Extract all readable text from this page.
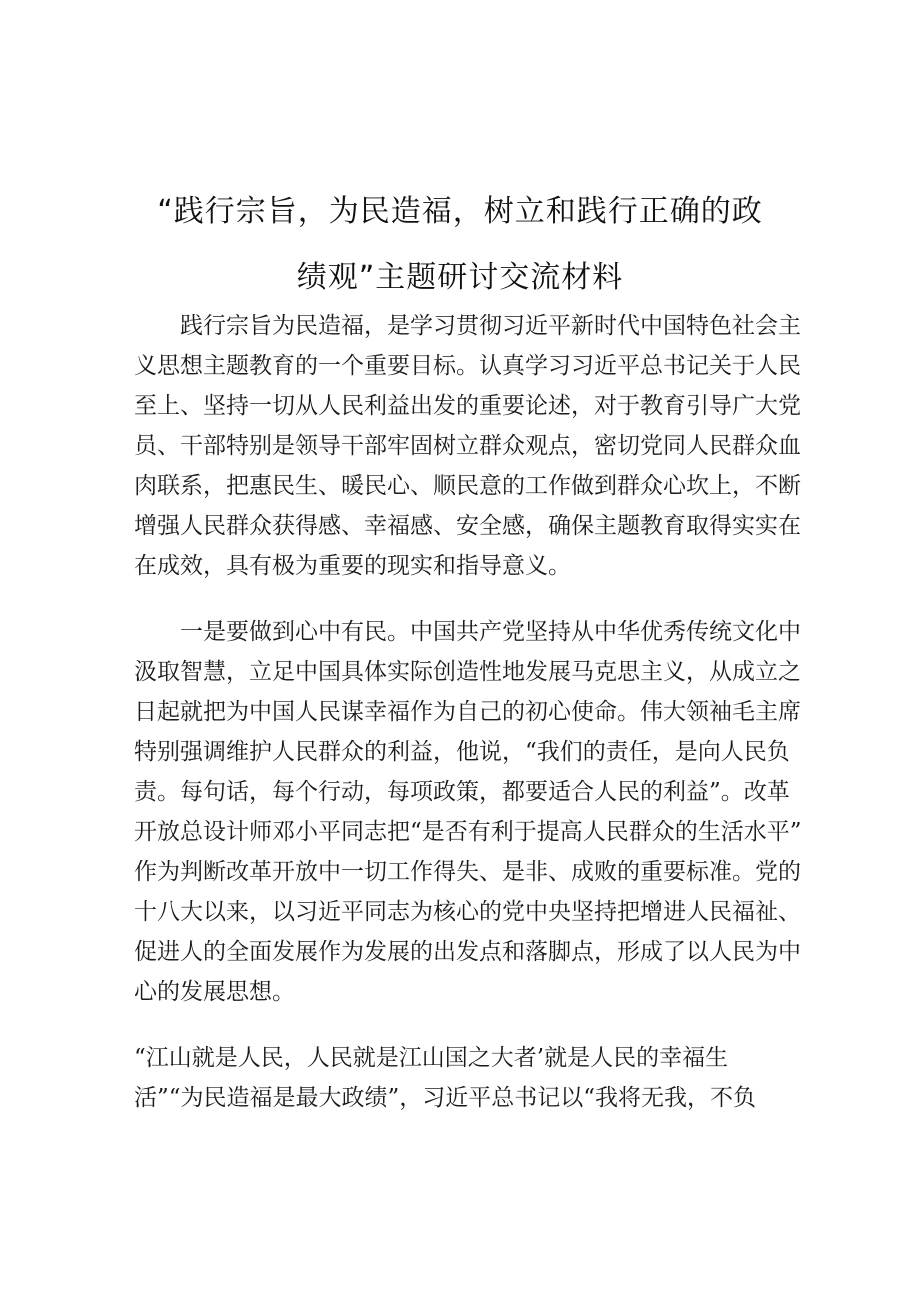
“践行宗旨，为民造福，树立和践行正确的政
绩观”主题研讨交流材料
　　践行宗旨为民造福，是学习贯彻习近平新时代中国特色社会主
义思想主题教育的一个重要目标。认真学习习近平总书记关于人民
至上、坚持一切从人民利益出发的重要论述，对于教育引导广大党
员、干部特别是领导干部牢固树立群众观点，密切党同人民群众血
肉联系，把惠民生、暖民心、顺民意的工作做到群众心坎上，不断
增强人民群众获得感、幸福感、安全感，确保主题教育取得实实在
在成效，具有极为重要的现实和指导意义。
　　一是要做到心中有民。中国共产党坚持从中华优秀传统文化中
汲取智慧，立足中国具体实际创造性地发展马克思主义，从成立之
日起就把为中国人民谋幸福作为自己的初心使命。伟大领袖毛主席
特别强调维护人民群众的利益，他说，“我们的责任，是向人民负
责。每句话，每个行动，每项政策，都要适合人民的利益”。改革
开放总设计师邓小平同志把“是否有利于提高人民群众的生活水平”
作为判断改革开放中一切工作得失、是非、成败的重要标准。党的
十八大以来，以习近平同志为核心的党中央坚持把增进人民福祉、
促进人的全面发展作为发展的出发点和落脚点，形成了以人民为中
心的发展思想。
“江山就是人民，人民就是江山国之大者’就是人民的幸福生
活”“为民造福是最大政绩”，习近平总书记以“我将无我，不负
